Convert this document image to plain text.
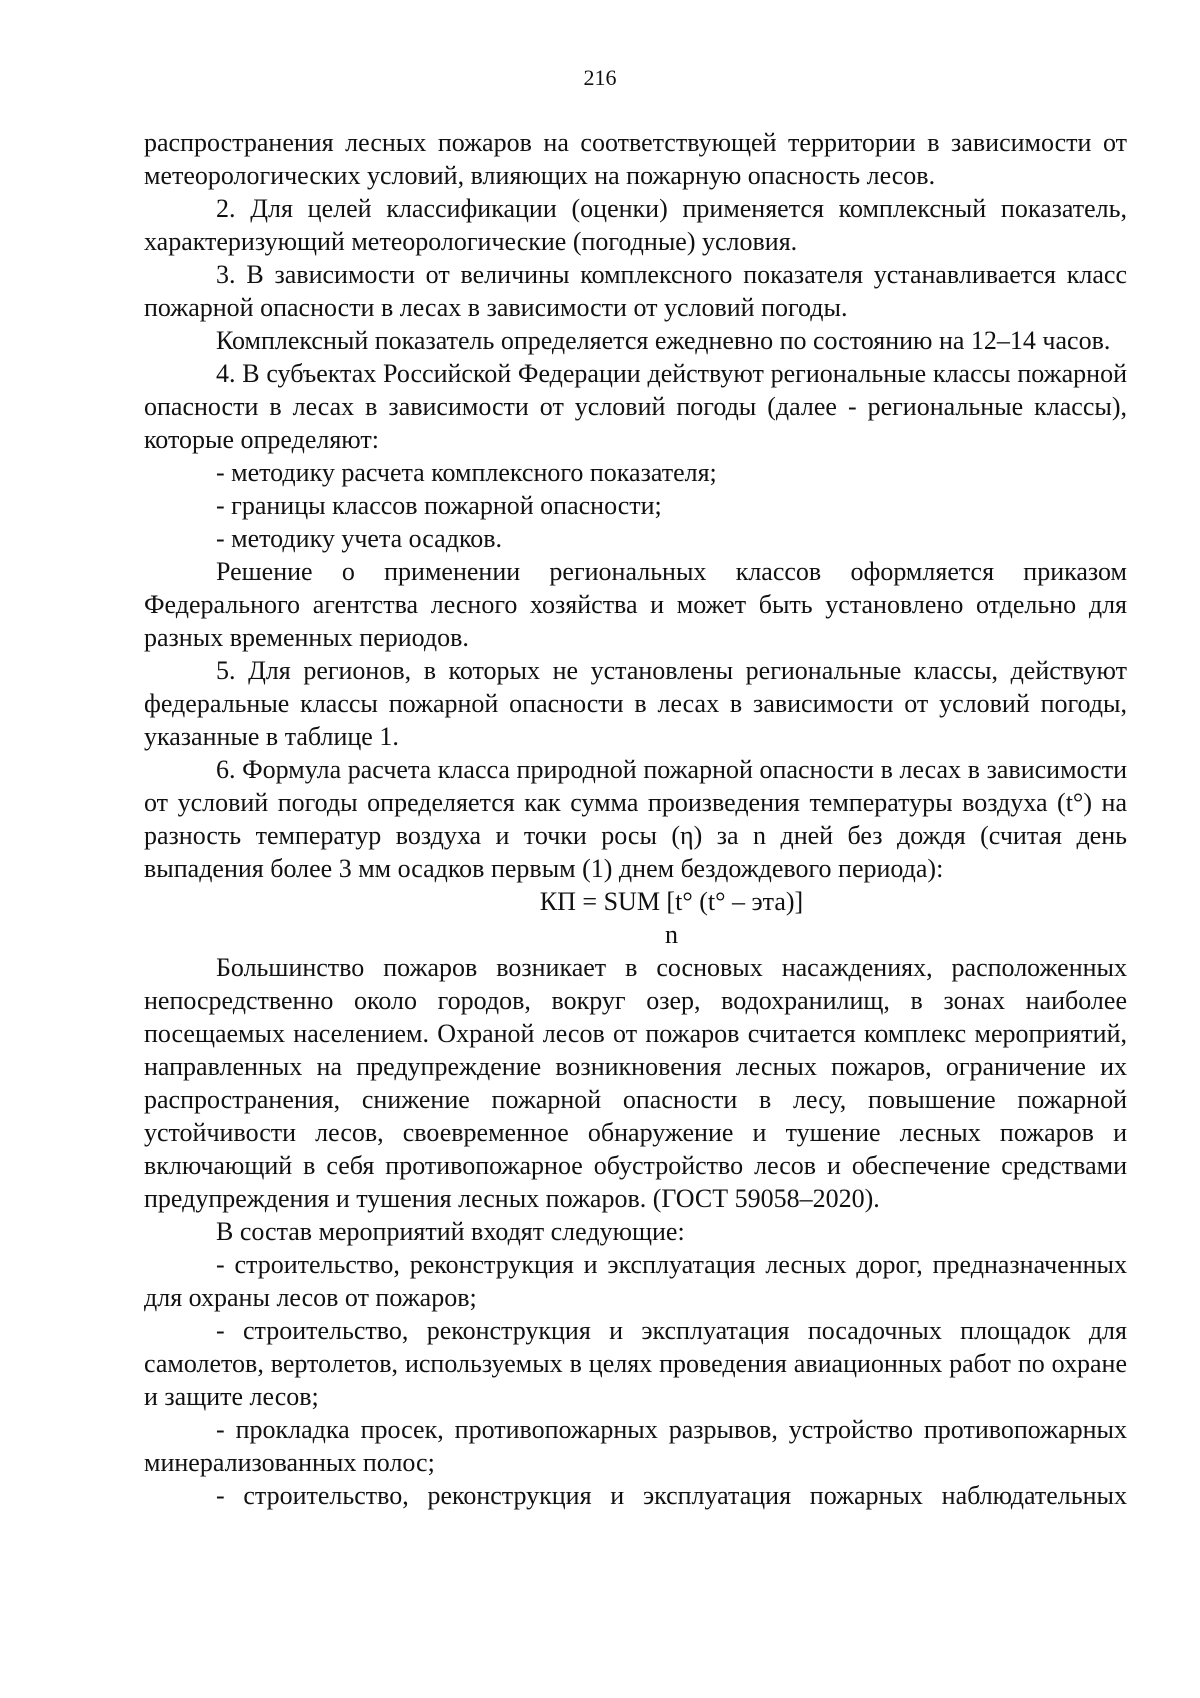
216

распространения лесных пожаров на соответствующей территории в зависимости от метеорологических условий, влияющих на пожарную опасность лесов.

2. Для целей классификации (оценки) применяется комплексный показатель, характеризующий метеорологические (погодные) условия.

3. В зависимости от величины комплексного показателя устанавливается класс пожарной опасности в лесах в зависимости от условий погоды.

Комплексный показатель определяется ежедневно по состоянию на 12–14 часов.

4. В субъектах Российской Федерации действуют региональные классы пожарной опасности в лесах в зависимости от условий погоды (далее - региональные классы), которые определяют:

- методику расчета комплексного показателя;

- границы классов пожарной опасности;

- методику учета осадков.

Решение о применении региональных классов оформляется приказом Федерального агентства лесного хозяйства и может быть установлено отдельно для разных временных периодов.

5. Для регионов, в которых не установлены региональные классы, действуют федеральные классы пожарной опасности в лесах в зависимости от условий погоды, указанные в таблице 1.

6. Формула расчета класса природной пожарной опасности в лесах в зависимости от условий погоды определяется как сумма произведения температуры воздуха (t°) на разность температур воздуха и точки росы (η) за n дней без дождя (считая день выпадения более 3 мм осадков первым (1) днем бездождевого периода):

КП = SUM [t° (t° – эта)]

n

Большинство пожаров возникает в сосновых насаждениях, расположенных непосредственно около городов, вокруг озер, водохранилищ, в зонах наиболее посещаемых населением. Охраной лесов от пожаров считается комплекс мероприятий, направленных на предупреждение возникновения лесных пожаров, ограничение их распространения, снижение пожарной опасности в лесу, повышение пожарной устойчивости лесов, своевременное обнаружение и тушение лесных пожаров и включающий в себя противопожарное обустройство лесов и обеспечение средствами предупреждения и тушения лесных пожаров. (ГОСТ 59058–2020).

В состав мероприятий входят следующие:

- строительство, реконструкция и эксплуатация лесных дорог, предназначенных для охраны лесов от пожаров;

- строительство, реконструкция и эксплуатация посадочных площадок для самолетов, вертолетов, используемых в целях проведения авиационных работ по охране и защите лесов;

- прокладка просек, противопожарных разрывов, устройство противопожарных минерализованных полос;

- строительство, реконструкция и эксплуатация пожарных наблюдательных
